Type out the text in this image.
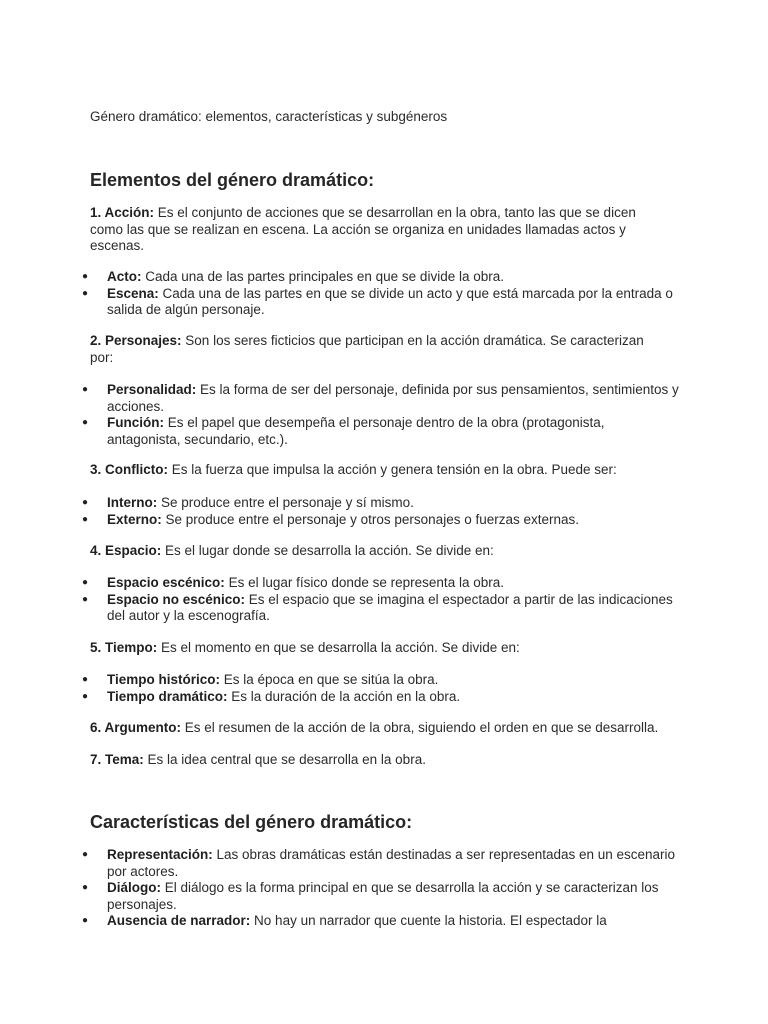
Género dramático: elementos, características y subgéneros
Elementos del género dramático:

1. Acción: Es el conjunto de acciones que se desarrollan en la obra, tanto las que se dicen como las que se realizan en escena. La acción se organiza en unidades llamadas actos y escenas.

● Acto: Cada una de las partes principales en que se divide la obra.
● Escena: Cada una de las partes en que se divide un acto y que está marcada por la entrada o salida de algún personaje.

2. Personajes: Son los seres ficticios que participan en la acción dramática. Se caracterizan por:

● Personalidad: Es la forma de ser del personaje, definida por sus pensamientos, sentimientos y acciones.
● Función: Es el papel que desempeña el personaje dentro de la obra (protagonista, antagonista, secundario, etc.).

3. Conflicto: Es la fuerza que impulsa la acción y genera tensión en la obra. Puede ser:

● Interno: Se produce entre el personaje y sí mismo.
● Externo: Se produce entre el personaje y otros personajes o fuerzas externas.

4. Espacio: Es el lugar donde se desarrolla la acción. Se divide en:

● Espacio escénico: Es el lugar físico donde se representa la obra.
● Espacio no escénico: Es el espacio que se imagina el espectador a partir de las indicaciones del autor y la escenografía.

5. Tiempo: Es el momento en que se desarrolla la acción. Se divide en:

● Tiempo histórico: Es la época en que se sitúa la obra.
● Tiempo dramático: Es la duración de la acción en la obra.

6. Argumento: Es el resumen de la acción de la obra, siguiendo el orden en que se desarrolla.

7. Tema: Es la idea central que se desarrolla en la obra.

Características del género dramático:
● Representación: Las obras dramáticas están destinadas a ser representadas en un escenario por actores.
● Diálogo: El diálogo es la forma principal en que se desarrolla la acción y se caracterizan los personajes.
● Ausencia de narrador: No hay un narrador que cuente la historia. El espectador la
